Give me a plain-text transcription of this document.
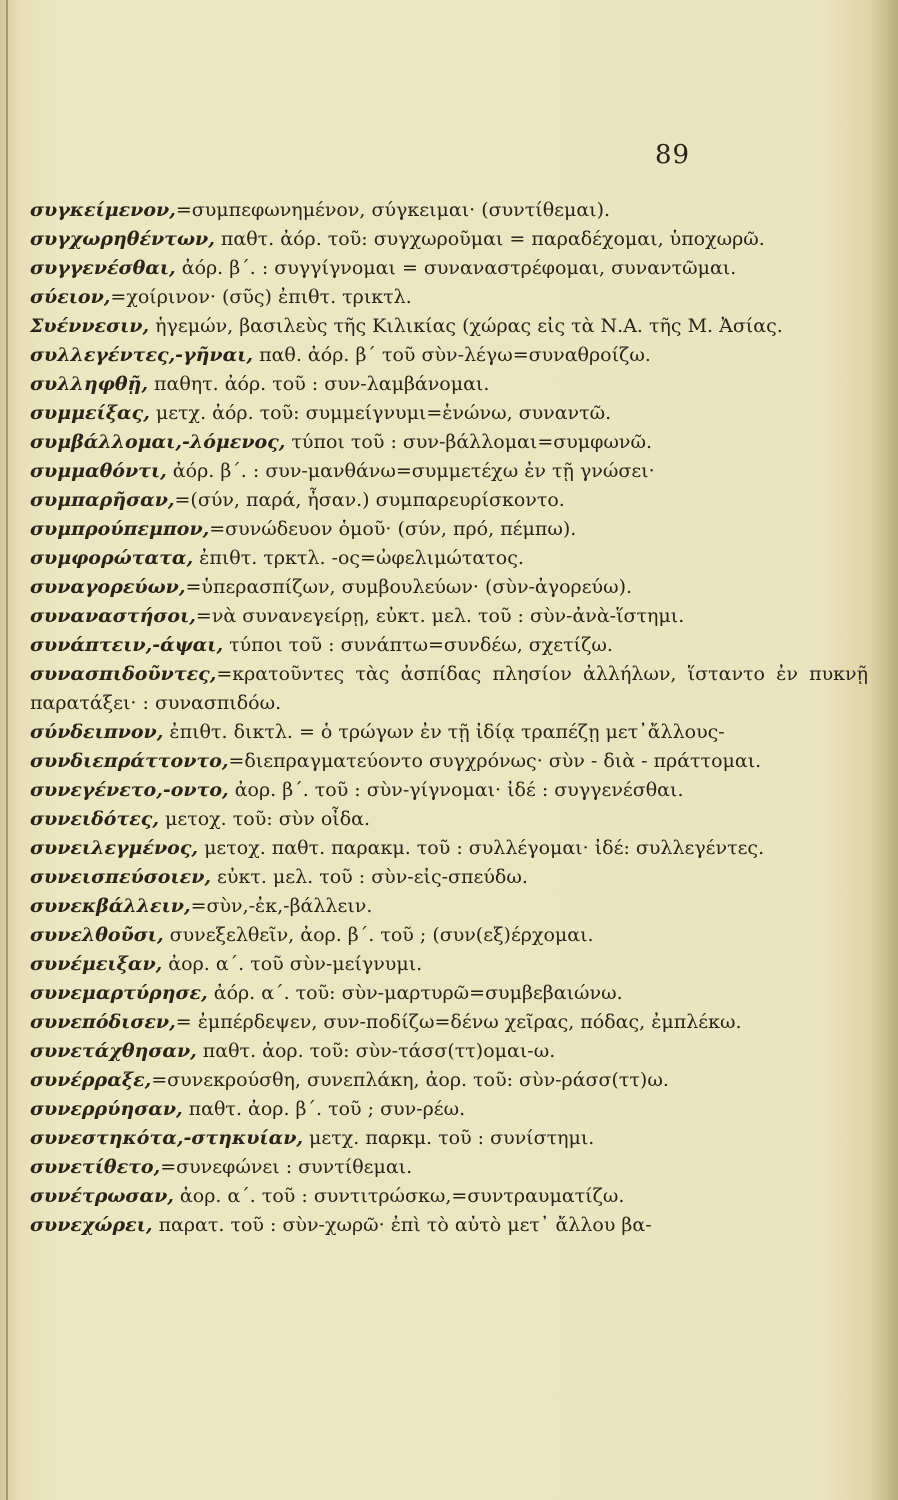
89
συγκείμενον,=συμπεφωνημένον, σύγκειμαι· (συντίθεμαι).
συγχωρηθέντων, παθτ. ἀόρ. τοῦ: συγχωροῦμαι = παραδέχομαι, ὑποχωρῶ.
συγγενέσθαι, ἀόρ. β΄. : συγγίγνομαι = συναναστρέφομαι, συναντῶμαι.
σύειον,=χοίρινον· (σῦς) ἐπιθτ. τρικτλ.
Συέννεσιν, ἡγεμών, βασιλεὺς τῆς Κιλικίας (χώρας εἰς τὰ Ν.Α. τῆς Μ. Ἀσίας.
συλλεγέντες,-γῆναι, παθ. ἀόρ. β΄ τοῦ σὺν-λέγω=συναθροίζω.
συλληφθῇ, παθητ. ἀόρ. τοῦ : συν-λαμβάνομαι.
συμμείξας, μετχ. ἀόρ. τοῦ: συμμείγνυμι=ἑνώνω, συναντῶ.
συμβάλλομαι,-λόμενος, τύποι τοῦ : συν-βάλλομαι=συμφωνῶ.
συμμαθόντι, ἀόρ. β΄. : συν-μανθάνω=συμμετέχω ἐν τῇ γνώσει·
συμπαρῆσαν,=(σύν, παρά, ἦσαν.) συμπαρευρίσκοντο.
συμπρούπεμπον,=συνώδευον ὁμοῦ· (σύν, πρό, πέμπω).
συμφορώτατα, ἐπιθτ. τρκτλ. -ος=ὠφελιμώτατος.
συναγορεύων,=ὑπερασπίζων, συμβουλεύων· (σὺν-ἀγορεύω).
συναναστήσοι,=νὰ συνανεγείρῃ, εὐκτ. μελ. τοῦ : σὺν-ἀνὰ-ἵστημι.
συνάπτειν,-άψαι, τύποι τοῦ : συνάπτω=συνδέω, σχετίζω.
συνασπιδοῦντες,=κρατοῦντες τὰς ἀσπίδας πλησίον ἀλλήλων, ἵσταντο ἐν πυκνῇ παρατάξει· : συνασπιδόω.
σύνδειπνον, ἐπιθτ. δικτλ. = ὁ τρώγων ἐν τῇ ἰδίᾳ τραπέζῃ μετ᾿ἄλλους-
συνδιεπράττοντο,=διεπραγματεύοντο συγχρόνως· σὺν - διὰ - πράττομαι.
συνεγένετο,-οντο, ἀορ. β΄. τοῦ : σὺν-γίγνομαι· ἰδέ : συγγενέσθαι.
συνειδότες, μετοχ. τοῦ: σὺν οἶδα.
συνειλεγμένος, μετοχ. παθτ. παρακμ. τοῦ : συλλέγομαι· ἰδέ: συλλεγέντες.
συνεισπεύσοιεν, εὐκτ. μελ. τοῦ : σὺν-εἰς-σπεύδω.
συνεκβάλλειν,=σὺν,-ἐκ,-βάλλειν.
συνελθοῦσι, συνεξελθεῖν, ἀορ. β΄. τοῦ ; (συν(εξ)έρχομαι.
συνέμειξαν, ἀορ. α΄. τοῦ σὺν-μείγνυμι.
συνεμαρτύρησε, ἀόρ. α΄. τοῦ: σὺν-μαρτυρῶ=συμβεβαιώνω.
συνεπόδισεν,= ἐμπέρδεψεν, συν-ποδίζω=δένω χεῖρας, πόδας, ἐμπλέκω.
συνετάχθησαν, παθτ. ἀορ. τοῦ: σὺν-τάσσ(ττ)ομαι-ω.
συνέρραξε,=συνεκρούσθη, συνεπλάκη, ἀορ. τοῦ: σὺν-ράσσ(ττ)ω.
συνερρύησαν, παθτ. ἀορ. β΄. τοῦ ; συν-ρέω.
συνεστηκότα,-στηκυίαν, μετχ. παρκμ. τοῦ : συνίστημι.
συνετίθετο,=συνεφώνει : συντίθεμαι.
συνέτρωσαν, ἀορ. α΄. τοῦ : συντιτρώσκω,=συντραυματίζω.
συνεχώρει, παρατ. τοῦ : σὺν-χωρῶ· ἐπὶ τὸ αὐτὸ μετ᾿ ἄλλου βα-
